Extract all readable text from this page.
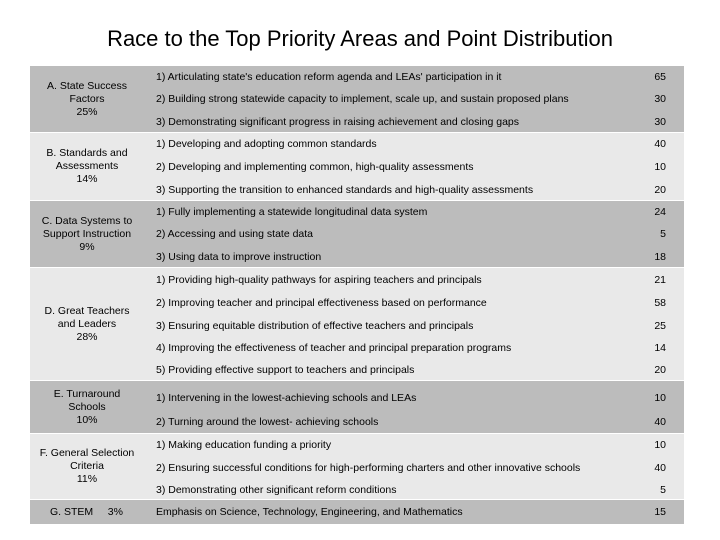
Race to the Top Priority Areas and Point Distribution
A. State Success
Factors
25%
1) Articulating state's education reform agenda and LEAs' participation in it	65
2) Building strong statewide capacity to implement, scale up, and sustain proposed plans	30
3) Demonstrating significant progress in raising achievement and closing gaps	30
B. Standards and
Assessments
14%
1) Developing and adopting common standards	40
2) Developing and implementing common, high-quality assessments	10
3) Supporting the transition to enhanced standards and high-quality assessments	20
C. Data Systems to
Support Instruction
9%
1) Fully implementing a statewide longitudinal data system	24
2) Accessing and using state data	5
3) Using data to improve instruction	18
D. Great Teachers
and Leaders
28%
1) Providing high-quality pathways for aspiring teachers and principals	21
2) Improving teacher and principal effectiveness based on performance	58
3) Ensuring equitable distribution of effective teachers and principals	25
4) Improving the effectiveness of teacher and principal preparation programs	14
5) Providing effective support to teachers and principals	20
E. Turnaround
Schools
10%
1) Intervening in the lowest-achieving schools and LEAs	10
2) Turning around the lowest- achieving schools	40
F. General Selection
Criteria
11%
1) Making education funding a priority	10
2) Ensuring successful conditions for high-performing charters and other innovative schools	40
3) Demonstrating other significant reform conditions	5
G. STEM     3%	Emphasis on Science, Technology, Engineering, and Mathematics	15
